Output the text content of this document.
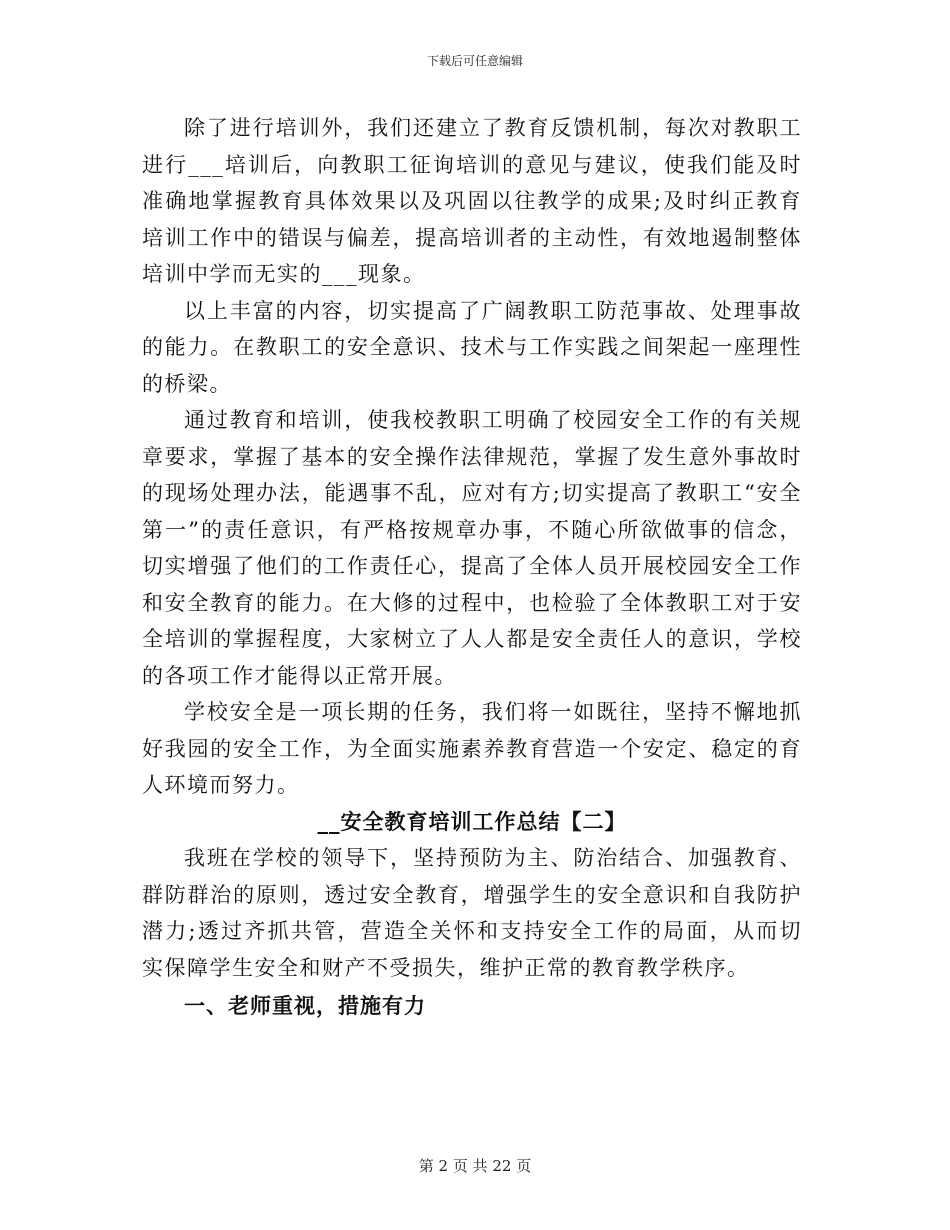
下载后可任意编辑

除了进行培训外，我们还建立了教育反馈机制，每次对教职工进行___培训后，向教职工征询培训的意见与建议，使我们能及时准确地掌握教育具体效果以及巩固以往教学的成果;及时纠正教育培训工作中的错误与偏差，提高培训者的主动性，有效地遏制整体培训中学而无实的___现象。

以上丰富的内容，切实提高了广阔教职工防范事故、处理事故的能力。在教职工的安全意识、技术与工作实践之间架起一座理性的桥梁。

通过教育和培训，使我校教职工明确了校园安全工作的有关规章要求，掌握了基本的安全操作法律规范，掌握了发生意外事故时的现场处理办法，能遇事不乱，应对有方;切实提高了教职工“安全第一”的责任意识，有严格按规章办事，不随心所欲做事的信念，切实增强了他们的工作责任心，提高了全体人员开展校园安全工作和安全教育的能力。在大修的过程中，也检验了全体教职工对于安全培训的掌握程度，大家树立了人人都是安全责任人的意识，学校的各项工作才能得以正常开展。

学校安全是一项长期的任务，我们将一如既往，坚持不懈地抓好我园的安全工作，为全面实施素养教育营造一个安定、稳定的育人环境而努力。

__安全教育培训工作总结【二】

我班在学校的领导下，坚持预防为主、防治结合、加强教育、群防群治的原则，透过安全教育，增强学生的安全意识和自我防护潜力;透过齐抓共管，营造全关怀和支持安全工作的局面，从而切实保障学生安全和财产不受损失，维护正常的教育教学秩序。

一、老师重视，措施有力

第 2 页 共 22 页
